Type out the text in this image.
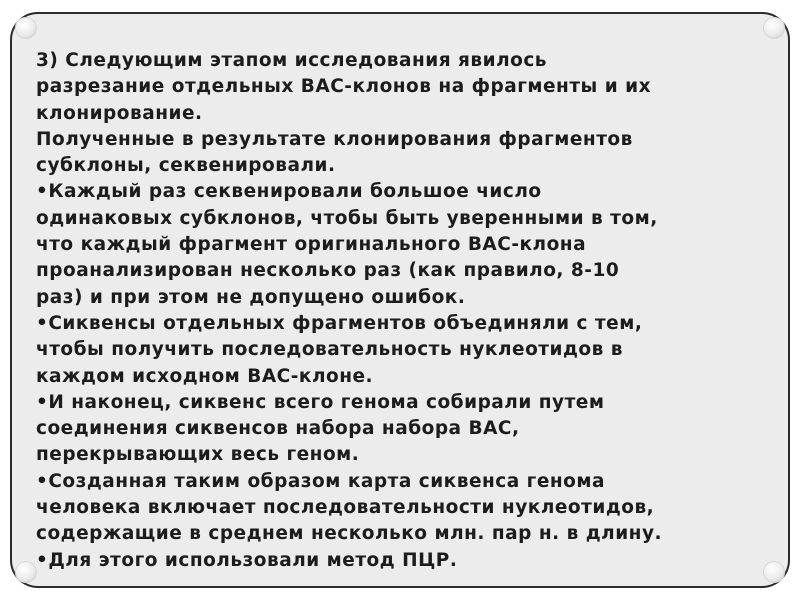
3) Следующим этапом исследования явилось
разрезание отдельных ВАС-клонов на фрагменты и их
клонирование.
Полученные в результате клонирования фрагментов
субклоны, секвенировали.
•Каждый раз секвенировали большое число
одинаковых субклонов, чтобы быть уверенными в том,
что каждый фрагмент оригинального ВАС-клона
проанализирован несколько раз (как правило, 8-10
раз) и при этом не допущено ошибок.
•Сиквенсы отдельных фрагментов объединяли с тем,
чтобы получить последовательность нуклеотидов в
каждом исходном ВАС-клоне.
•И наконец, сиквенс всего генома собирали путем
соединения сиквенсов набора набора ВАС,
перекрывающих весь геном.
•Созданная таким образом карта сиквенса генома
человека включает последовательности нуклеотидов,
содержащие в среднем несколько млн. пар н. в длину.
•Для этого использовали метод ПЦР.
